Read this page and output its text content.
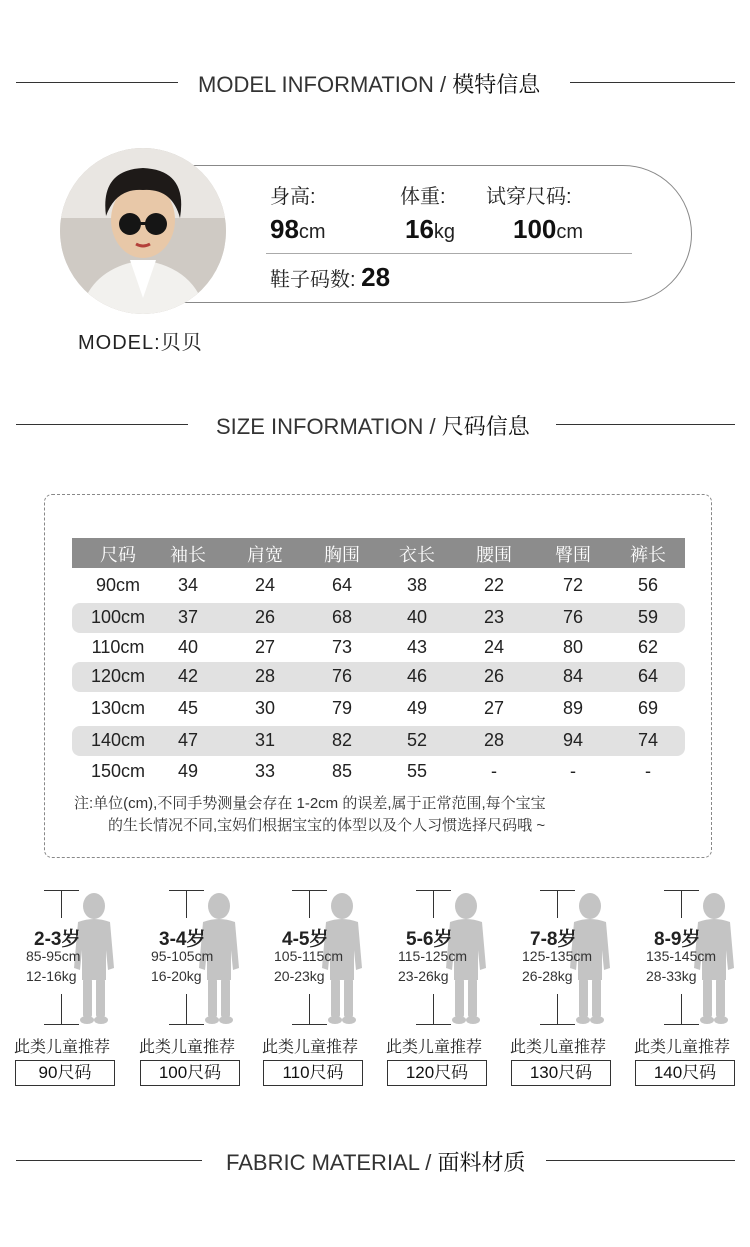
MODEL INFORMATION / 模特信息
身高:	体重: 试穿尺码:
98cm	16kg 100cm
鞋子码数: 28
MODEL:贝贝
SIZE INFORMATION / 尺码信息
尺码	袖长	肩宽	胸围	衣长	腰围	臀围	裤长
90cm	34	24	64	38	22	72	56
100cm	37	26	68	40	23	76	59
110cm	40	27	73	43	24	80	62
120cm	42	28	76	46	26	84	64
130cm	45	30	79	49	27	89	69
140cm	47	31	82	52	28	94	74
150cm	49	33	85	55	-	-	-
注:单位(cm),不同手势测量会存在 1-2cm 的误差,属于正常范围,每个宝宝
的生长情况不同,宝妈们根据宝宝的体型以及个人习惯选择尺码哦 ~
2-3岁
85-95cm
12-16kg
此类儿童推荐
90尺码
3-4岁
95-105cm
16-20kg
此类儿童推荐
100尺码
4-5岁
105-115cm
20-23kg
此类儿童推荐
110尺码
5-6岁
115-125cm
23-26kg
此类儿童推荐
120尺码
7-8岁
125-135cm
26-28kg
此类儿童推荐
130尺码
8-9岁
135-145cm
28-33kg
此类儿童推荐
140尺码
FABRIC MATERIAL / 面料材质
